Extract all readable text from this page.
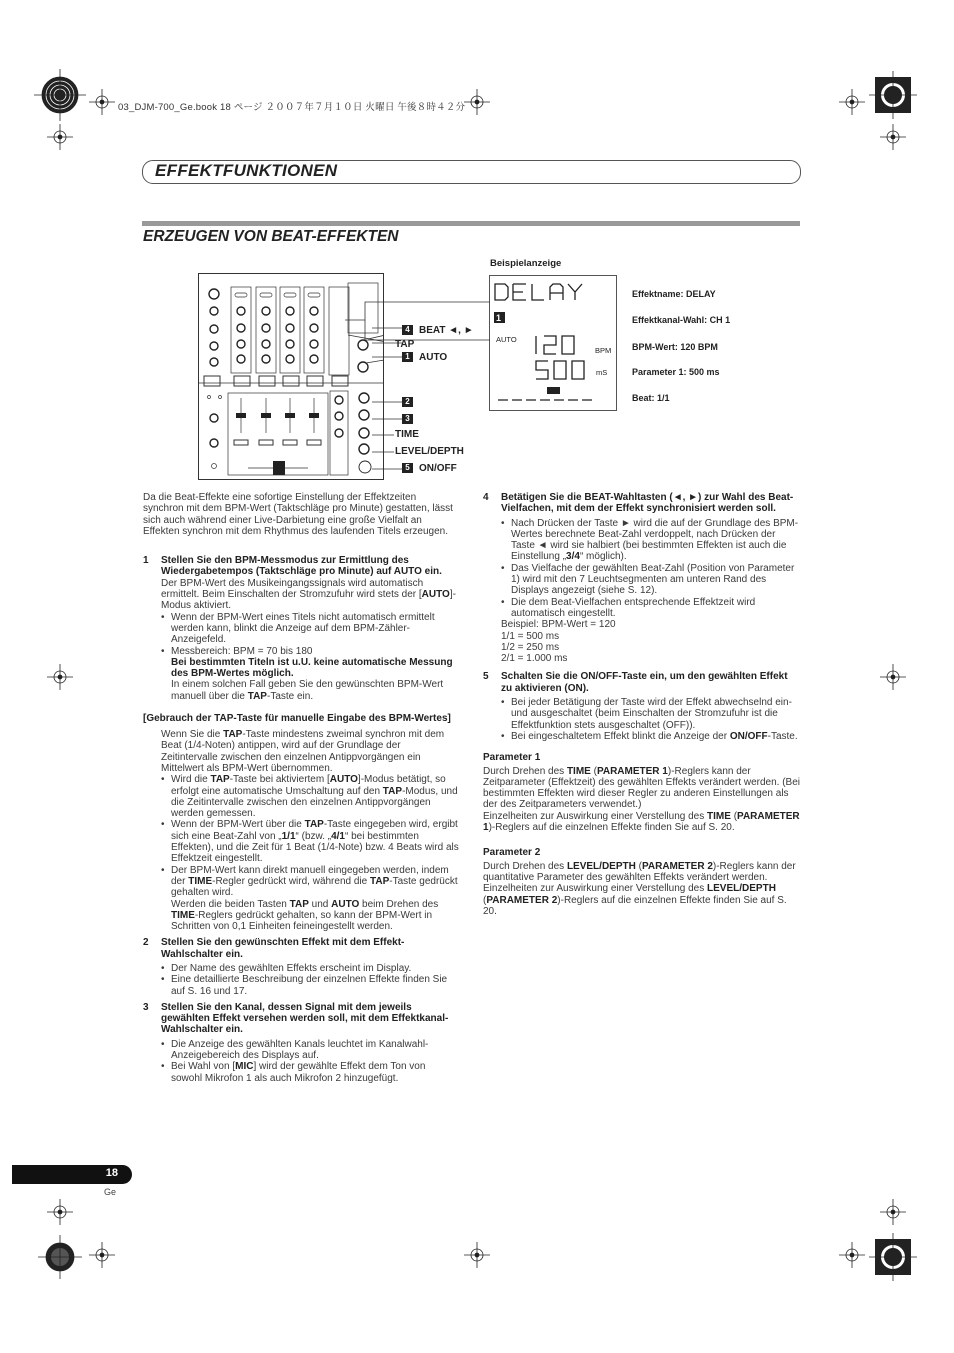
03_DJM-700_Ge.book 18 ページ ２００７年７月１０日 火曜日 午後８時４２分
EFFEKTFUNKTIONEN
ERZEUGEN VON BEAT-EFFEKTEN
4 BEAT ◄, ►
TAP
1 AUTO
2
3
TIME
LEVEL/DEPTH
5 ON/OFF
Beispielanzeige
1
AUTO
BPM
mS
Effektname: DELAY
Effektkanal-Wahl: CH 1
BPM-Wert: 120 BPM
Parameter 1: 500 ms
Beat: 1/1

Da die Beat-Effekte eine sofortige Einstellung der Effektzeiten synchron mit dem BPM-Wert (Taktschläge pro Minute) gestatten, lässt sich auch während einer Live-Darbietung eine große Vielfalt an Effekten synchron mit dem Rhythmus des laufenden Titels erzeugen.

1 Stellen Sie den BPM-Messmodus zur Ermittlung des Wiedergabetempos (Taktschläge pro Minute) auf AUTO ein.

Der BPM-Wert des Musikeingangssignals wird automatisch ermittelt. Beim Einschalten der Stromzufuhr wird stets der [AUTO]-Modus aktiviert.

• Wenn der BPM-Wert eines Titels nicht automatisch ermittelt werden kann, blinkt die Anzeige auf dem BPM-Zähler-Anzeigefeld.
• Messbereich: BPM = 70 bis 180
Bei bestimmten Titeln ist u.U. keine automatische Messung des BPM-Wertes möglich.
In einem solchen Fall geben Sie den gewünschten BPM-Wert manuell über die TAP-Taste ein.
[Gebrauch der TAP-Taste für manuelle Eingabe des BPM-Wertes]

Wenn Sie die TAP-Taste mindestens zweimal synchron mit dem Beat (1/4-Noten) antippen, wird auf der Grundlage der Zeitintervalle zwischen den einzelnen Antippvorgängen ein Mittelwert als BPM-Wert übernommen.

• Wird die TAP-Taste bei aktiviertem [AUTO]-Modus betätigt, so erfolgt eine automatische Umschaltung auf den TAP-Modus, und die Zeitintervalle zwischen den einzelnen Antippvorgängen werden gemessen.
• Wenn der BPM-Wert über die TAP-Taste eingegeben wird, ergibt sich eine Beat-Zahl von „1/1“ (bzw. „4/1“ bei bestimmten Effekten), und die Zeit für 1 Beat (1/4-Note) bzw. 4 Beats wird als Effektzeit eingestellt.
• Der BPM-Wert kann direkt manuell eingegeben werden, indem der TIME-Regler gedrückt wird, während die TAP-Taste gedrückt gehalten wird.
Werden die beiden Tasten TAP und AUTO beim Drehen des TIME-Reglers gedrückt gehalten, so kann der BPM-Wert in Schritten von 0,1 Einheiten feineingestellt werden.
2 Stellen Sie den gewünschten Effekt mit dem Effekt-Wahlschalter ein.
• Der Name des gewählten Effekts erscheint im Display.
• Eine detaillierte Beschreibung der einzelnen Effekte finden Sie auf S. 16 und 17.
3 Stellen Sie den Kanal, dessen Signal mit dem jeweils gewählten Effekt versehen werden soll, mit dem Effektkanal-Wahlschalter ein.
• Die Anzeige des gewählten Kanals leuchtet im Kanalwahl-Anzeigebereich des Displays auf.
• Bei Wahl von [MIC] wird der gewählte Effekt dem Ton von sowohl Mikrofon 1 als auch Mikrofon 2 hinzugefügt.
4 Betätigen Sie die BEAT-Wahltasten (◄, ►) zur Wahl des Beat-Vielfachen, mit dem der Effekt synchronisiert werden soll.
• Nach Drücken der Taste ► wird die auf der Grundlage des BPM-Wertes berechnete Beat-Zahl verdoppelt, nach Drücken der Taste ◄ wird sie halbiert (bei bestimmten Effekten ist auch die Einstellung „3/4“ möglich).
• Das Vielfache der gewählten Beat-Zahl (Position von Parameter 1) wird mit den 7 Leuchtsegmenten am unteren Rand des Displays angezeigt (siehe S. 12).
• Die dem Beat-Vielfachen entsprechende Effektzeit wird automatisch eingestellt.

Beispiel: BPM-Wert = 120

1/1 = 500 ms

1/2 = 250 ms

2/1 = 1.000 ms

5 Schalten Sie die ON/OFF-Taste ein, um den gewählten Effekt zu aktivieren (ON).
• Bei jeder Betätigung der Taste wird der Effekt abwechselnd ein- und ausgeschaltet (beim Einschalten der Stromzufuhr ist die Effektfunktion stets ausgeschaltet (OFF)).
• Bei eingeschaltetem Effekt blinkt die Anzeige der ON/OFF-Taste.
Parameter 1

Durch Drehen des TIME (PARAMETER 1)-Reglers kann der Zeitparameter (Effektzeit) des gewählten Effekts verändert werden. (Bei bestimmten Effekten wird dieser Regler zu anderen Einstellungen als der des Zeitparameters verwendet.)
Einzelheiten zur Auswirkung einer Verstellung des TIME (PARAMETER 1)-Reglers auf die einzelnen Effekte finden Sie auf S. 20.

Parameter 2

Durch Drehen des LEVEL/DEPTH (PARAMETER 2)-Reglers kann der quantitative Parameter des gewählten Effekts verändert werden.
Einzelheiten zur Auswirkung einer Verstellung des LEVEL/DEPTH (PARAMETER 2)-Reglers auf die einzelnen Effekte finden Sie auf S. 20.

18
Ge
